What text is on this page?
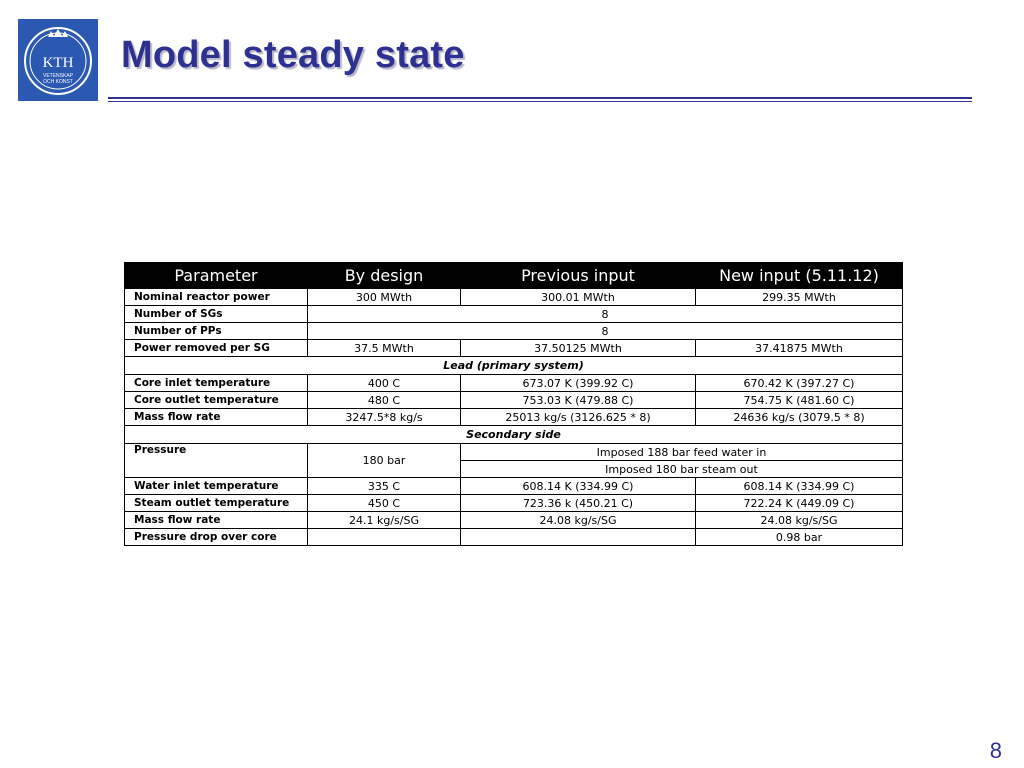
KTH
VETENSKAP
OCH KONST
Model steady state
Parameter	By design	Previous input	New input (5.11.12)
Nominal reactor power	300 MWth	300.01 MWth	299.35 MWth
Number of SGs	8		
Number of PPs	8		
Power removed per SG	37.5 MWth	37.50125 MWth	37.41875 MWth
Lead (primary system)			
Core inlet temperature	400 C	673.07 K (399.92 C)	670.42 K (397.27 C)
Core outlet temperature	480 C	753.03 K (479.88 C)	754.75 K (481.60 C)
Mass flow rate	3247.5*8 kg/s	25013 kg/s (3126.625 * 8)	24636 kg/s (3079.5 * 8)
Secondary side			
Pressure	180 bar	Imposed 188 bar feed water in	
		Imposed 180 bar steam out	
Water inlet temperature	335 C	608.14 K (334.99 C)	608.14 K (334.99 C)
Steam outlet temperature	450 C	723.36 k (450.21 C)	722.24 K (449.09 C)
Mass flow rate	24.1 kg/s/SG	24.08 kg/s/SG	24.08 kg/s/SG
Pressure drop over core			0.98 bar
8
